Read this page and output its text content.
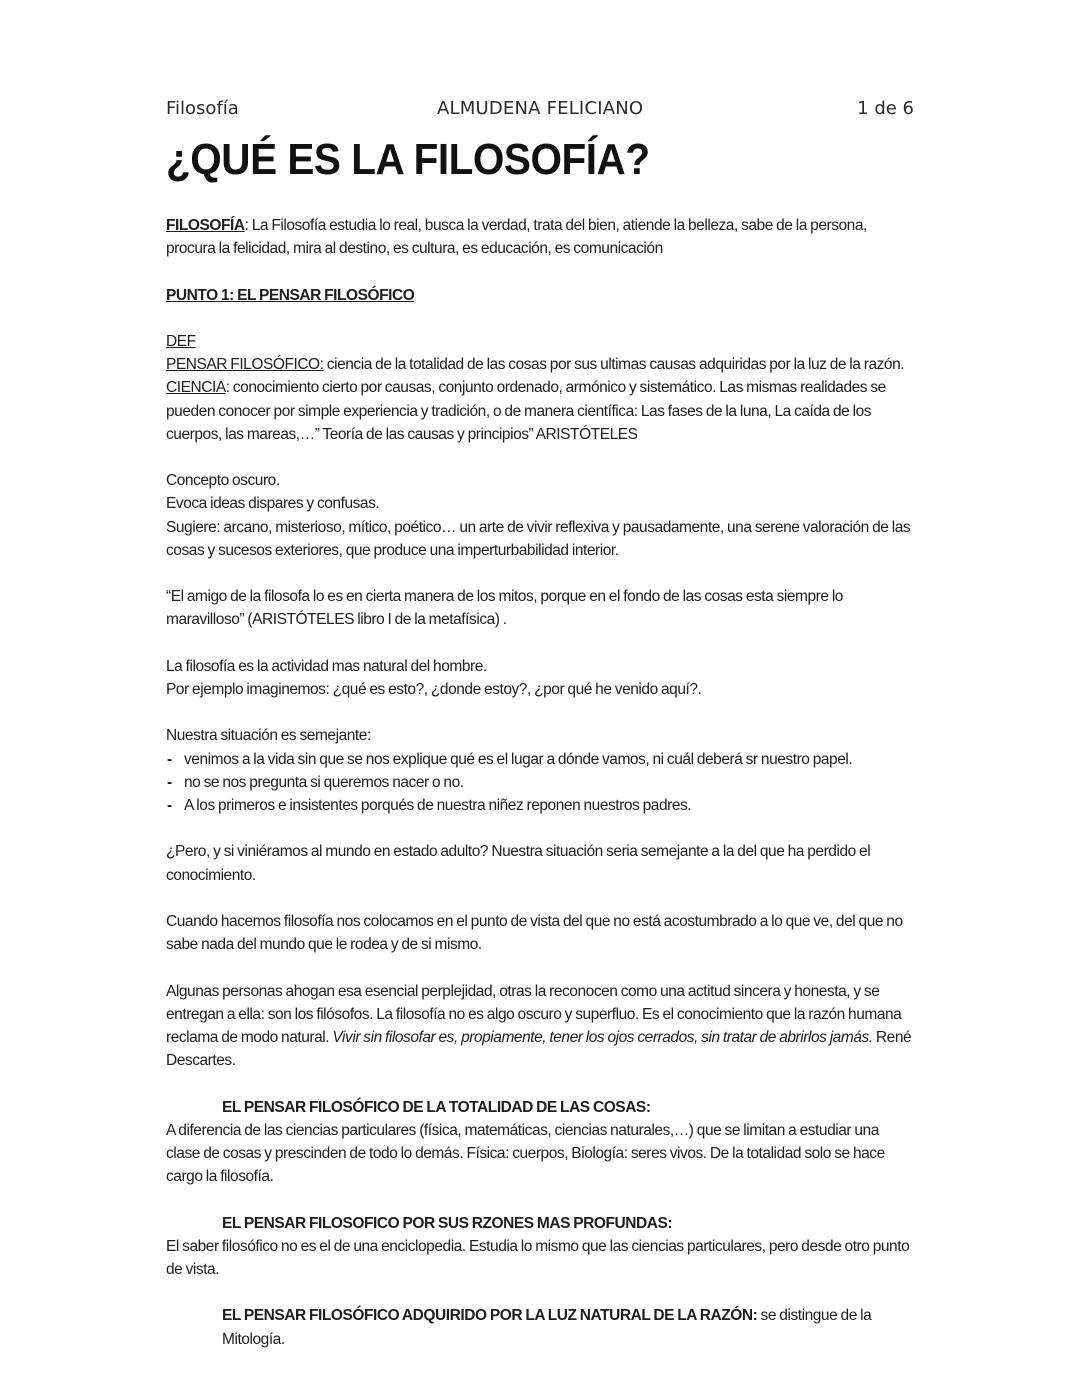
Filosofía	ALMUDENA FELICIANO	1 de 6
¿QUÉ ES LA FILOSOFÍA?

FILOSOFÍA: La Filosofía estudia lo real, busca la verdad, trata del bien, atiende la belleza, sabe de la persona, procura la felicidad, mira al destino, es cultura, es educación, es comunicación

PUNTO 1: EL PENSAR FILOSÓFICO

DEF

PENSAR FILOSÓFICO: ciencia de la totalidad de las cosas por sus ultimas causas adquiridas por la luz de la razón.

CIENCIA: conocimiento cierto por causas, conjunto ordenado, armónico y sistemático. Las mismas realidades se pueden conocer por simple experiencia y tradición, o de manera científica: Las fases de la luna, La caída de los cuerpos, las mareas,…” Teoría de las causas y principios” ARISTÓTELES

Concepto oscuro.

Evoca ideas dispares y confusas.

Sugiere: arcano, misterioso, mítico, poético… un arte de vivir reflexiva y pausadamente, una serene valoración de las cosas y sucesos exteriores, que produce una imperturbabilidad interior.

“El amigo de la filosofa lo es en cierta manera de los mitos, porque en el fondo de las cosas esta siempre lo

maravilloso” (ARISTÓTELES libro I de la metafísica) .

La filosofía es la actividad mas natural del hombre.

Por ejemplo imaginemos: ¿qué es esto?, ¿donde estoy?, ¿por qué he venido aquí?.

Nuestra situación es semejante:

- venimos a la vida sin que se nos explique qué es el lugar a dónde vamos, ni cuál deberá sr nuestro papel.
- no se nos pregunta si queremos nacer o no.
- A los primeros e insistentes porqués de nuestra niñez reponen nuestros padres.

¿Pero, y si viniéramos al mundo en estado adulto? Nuestra situación seria semejante a la del que ha perdido el conocimiento.

Cuando hacemos filosofía nos colocamos en el punto de vista del que no está acostumbrado a lo que ve, del que no sabe nada del mundo que le rodea y de si mismo.

Algunas personas ahogan esa esencial perplejidad, otras la reconocen como una actitud sincera y honesta, y se entregan a ella: son los filósofos. La filosofía no es algo oscuro y superfluo. Es el conocimiento que la razón humana reclama de modo natural. Vivir sin filosofar es, propiamente, tener los ojos cerrados, sin tratar de abrirlos jamás. René Descartes.

EL PENSAR FILOSÓFICO DE LA TOTALIDAD DE LAS COSAS:

A diferencia de las ciencias particulares (física, matemáticas, ciencias naturales,…) que se limitan a estudiar una clase de cosas y prescinden de todo lo demás. Física: cuerpos, Biología: seres vivos. De la totalidad solo se hace cargo la filosofía.

EL PENSAR FILOSOFICO POR SUS RZONES MAS PROFUNDAS:

El saber filosófico no es el de una enciclopedia. Estudia lo mismo que las ciencias particulares, pero desde otro punto de vista.

EL PENSAR FILOSÓFICO ADQUIRIDO POR LA LUZ NATURAL DE LA RAZÓN: se distingue de la Mitología.
